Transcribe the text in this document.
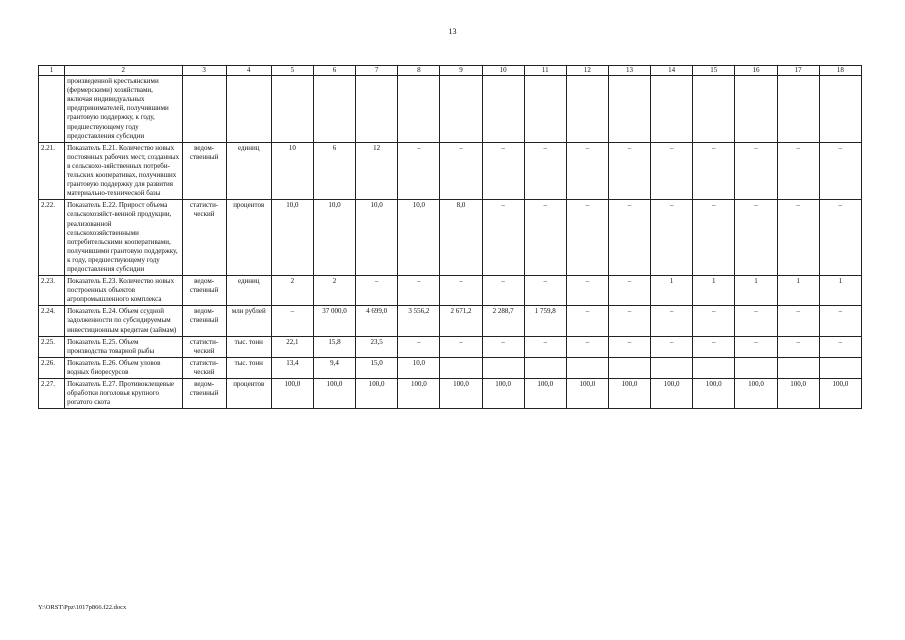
13
1	2	3	4	5	6	7	8	9	10	11	12	13	14	15	16	17	18
	произведенной крестьянскими (фермерскими) хозяйствами, включая индивидуальных предпринимателей, получившими грантовую поддержку, к году, предшествующему году предоставления субсидии																
2.21.	Показатель Е.21. Количество новых постоянных рабочих мест, созданных в сельскохо-зяйственных потреби-тельских кооперативах, получивших грантовую поддержку для развития материально-технической базы	ведом-ственный	единиц	10	6	12	–	–	–	–	–	–	–	–	–	–	–
2.22.	Показатель Е.22. Прирост объема сельскохозяйст-венной продукции, реализованной сельскохозяйственными потребительскими кооперативами, получившими грантовую поддержку, к году, предшествующему году предоставления субсидии	статисти-ческий	процентов	10,0	10,0	10,0	10,0	8,0	–	–	–	–	–	–	–	–	–
2.23.	Показатель Е.23. Количество новых построенных объектов агропромышленного комплекса	ведом-ственный	единиц	2	2	–	–	–	–	–	–	–	1	1	1	1	1
2.24.	Показатель Е.24. Объем ссудной задолженности по субсидируемым инвестиционным кредитам (займам)	ведом-ственный	млн рублей	–	37 000,0	4 699,0	3 556,2	2 671,2	2 288,7	1 759,8	–	–	–	–	–	–	–
2.25.	Показатель Е.25. Объем производства товарной рыбы	статисти-ческий	тыс. тонн	22,1	15,8	23,5	–	–	–	–	–	–	–	–	–	–	–
2.26.	Показатель Е.26. Объем уловов водных биоресурсов	статисти-ческий	тыс. тонн	13,4	9,4	15,0	10,0										
2.27.	Показатель Е.27. Противоклещевые обработки поголовья крупного рогатого скота	ведом-ственный	процентов	100,0	100,0	100,0	100,0	100,0	100,0	100,0	100,0	100,0	100,0	100,0	100,0	100,0	100,0
Y:\ORST\Ppz\1017p866.f22.docx
